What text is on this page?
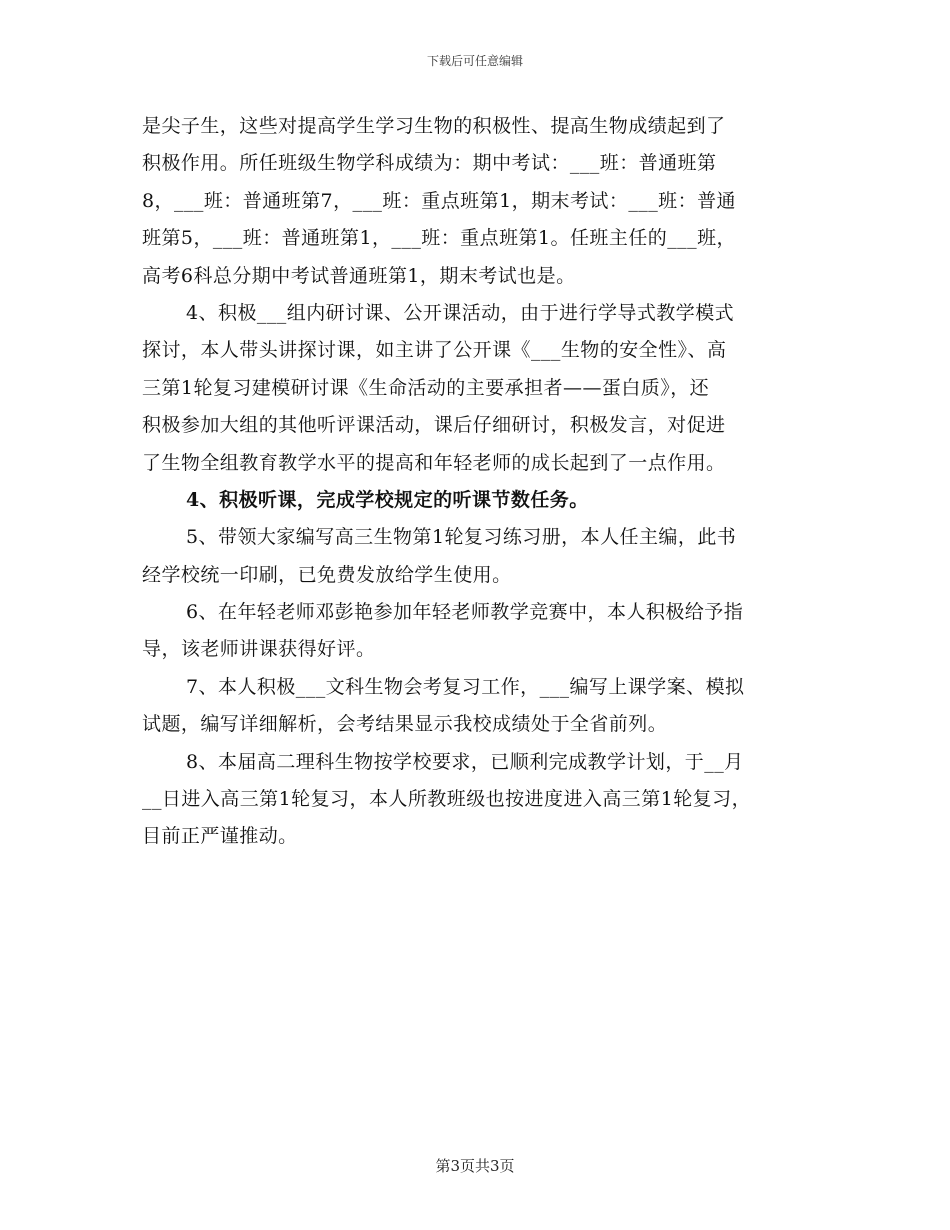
下载后可任意编辑
是尖子生，这些对提高学生学习生物的积极性、提高生物成绩起到了
积极作用。所任班级生物学科成绩为：期中考试：___班：普通班第
8，___班：普通班第7，___班：重点班第1，期末考试：___班：普通
班第5，___班：普通班第1，___班：重点班第1。任班主任的___班，
高考6科总分期中考试普通班第1，期末考试也是。
4、积极___组内研讨课、公开课活动，由于进行学导式教学模式
探讨，本人带头讲探讨课，如主讲了公开课《___生物的安全性》、高
三第1轮复习建模研讨课《生命活动的主要承担者——蛋白质》，还
积极参加大组的其他听评课活动，课后仔细研讨，积极发言，对促进
了生物全组教育教学水平的提高和年轻老师的成长起到了一点作用。
4、积极听课，完成学校规定的听课节数任务。
5、带领大家编写高三生物第1轮复习练习册，本人任主编，此书
经学校统一印刷，已免费发放给学生使用。
6、在年轻老师邓彭艳参加年轻老师教学竞赛中，本人积极给予指
导，该老师讲课获得好评。
7、本人积极___文科生物会考复习工作，___编写上课学案、模拟
试题，编写详细解析，会考结果显示我校成绩处于全省前列。
8、本届高二理科生物按学校要求，已顺利完成教学计划，于__月
__日进入高三第1轮复习，本人所教班级也按进度进入高三第1轮复习，
目前正严谨推动。
第3页共3页
